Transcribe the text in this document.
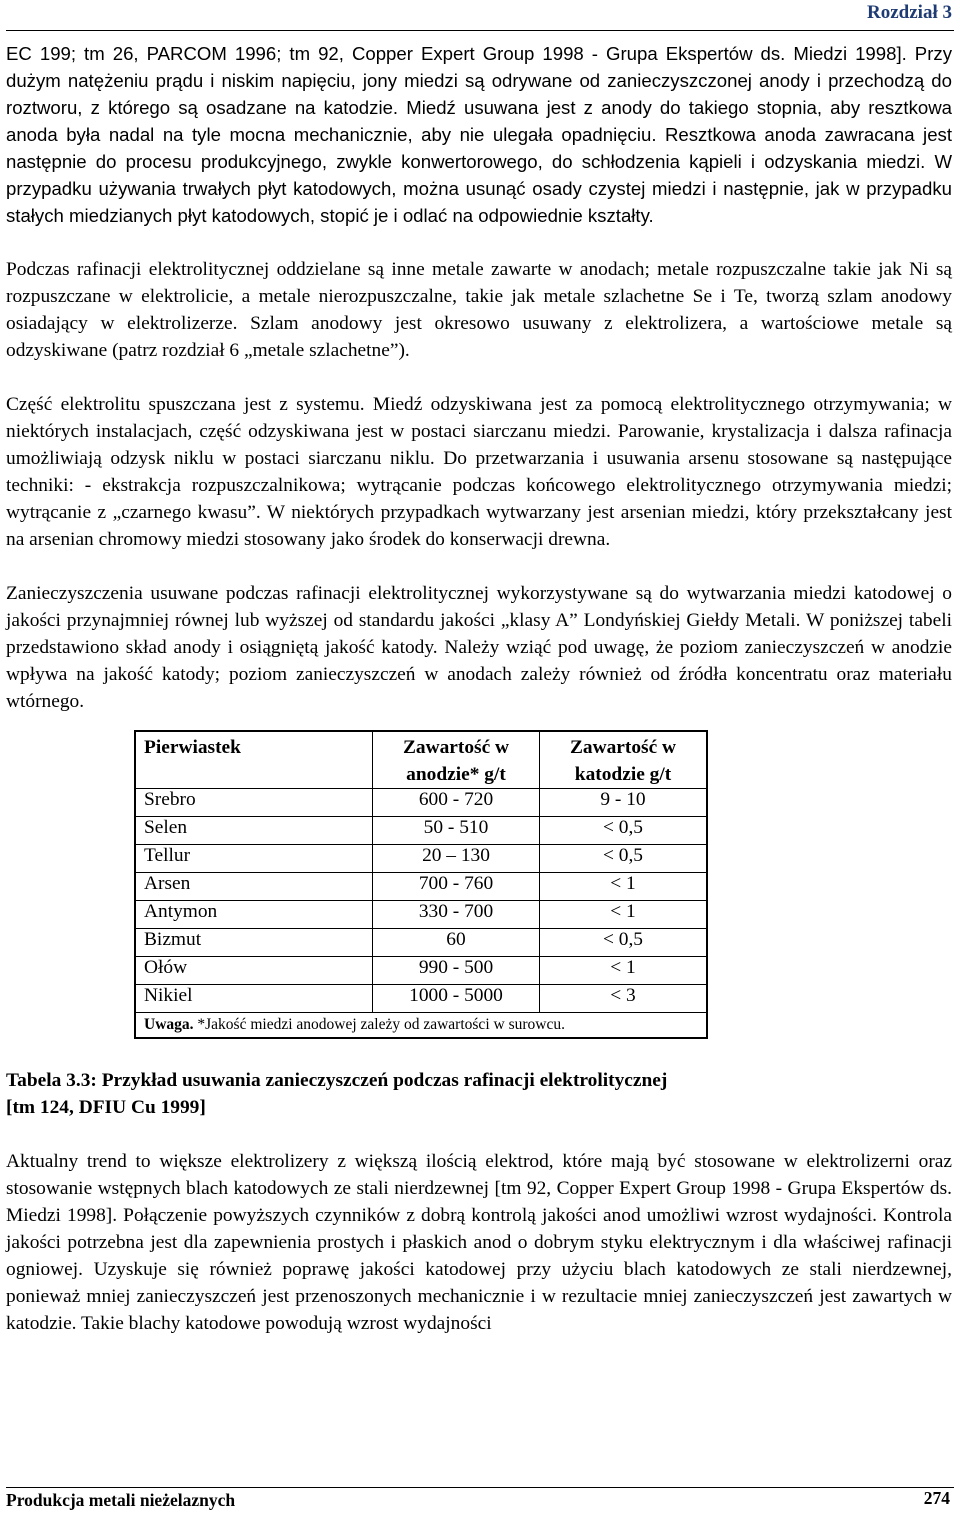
Rozdział 3

EC 199; tm 26, PARCOM 1996; tm 92, Copper Expert Group 1998 - Grupa Ekspertów ds. Miedzi 1998]. Przy dużym natężeniu prądu i niskim napięciu, jony miedzi są odrywane od zanieczyszczonej anody i przechodzą do roztworu, z którego są osadzane na katodzie. Miedź usuwana jest z anody do takiego stopnia, aby resztkowa anoda była nadal na tyle mocna mechanicznie, aby nie ulegała opadnięciu. Resztkowa anoda zawracana jest następnie do procesu produkcyjnego, zwykle konwertorowego, do schłodzenia kąpieli i odzyskania miedzi. W przypadku używania trwałych płyt katodowych, można usunąć osady czystej miedzi i następnie, jak w przypadku stałych miedzianych płyt katodowych, stopić je i odlać na odpowiednie kształty.

Podczas rafinacji elektrolitycznej oddzielane są inne metale zawarte w anodach; metale rozpuszczalne takie jak Ni są rozpuszczane w elektrolicie, a metale nierozpuszczalne, takie jak metale szlachetne Se i Te, tworzą szlam anodowy osiadający w elektrolizerze. Szlam anodowy jest okresowo usuwany z elektrolizera, a wartościowe metale są odzyskiwane (patrz rozdział 6 „metale szlachetne”).

Część elektrolitu spuszczana jest z systemu. Miedź odzyskiwana jest za pomocą elektrolitycznego otrzymywania; w niektórych instalacjach, część odzyskiwana jest w postaci siarczanu miedzi. Parowanie, krystalizacja i dalsza rafinacja umożliwiają odzysk niklu w postaci siarczanu niklu. Do przetwarzania i usuwania arsenu stosowane są następujące techniki: - ekstrakcja rozpuszczalnikowa; wytrącanie podczas końcowego elektrolitycznego otrzymywania miedzi; wytrącanie z „czarnego kwasu”. W niektórych przypadkach wytwarzany jest arsenian miedzi, który przekształcany jest na arsenian chromowy miedzi stosowany jako środek do konserwacji drewna.

Zanieczyszczenia usuwane podczas rafinacji elektrolitycznej wykorzystywane są do wytwarzania miedzi katodowej o jakości przynajmniej równej lub wyższej od standardu jakości „klasy A” Londyńskiej Giełdy Metali. W poniższej tabeli przedstawiono skład anody i osiągniętą jakość katody. Należy wziąć pod uwagę, że poziom zanieczyszczeń w anodzie wpływa na jakość katody; poziom zanieczyszczeń w anodach zależy również od źródła koncentratu oraz materiału wtórnego.

Pierwiastek	Zawartość w anodzie* g/t	Zawartość w katodzie g/t
Srebro	600 - 720	9 - 10
Selen	50 - 510	< 0,5
Tellur	20 – 130	< 0,5
Arsen	700 - 760	< 1
Antymon	330 - 700	< 1
Bizmut	60	< 0,5
Ołów	990 - 500	< 1
Nikiel	1000 - 5000	< 3
Uwaga. *Jakość miedzi anodowej zależy od zawartości w surowcu.		
Tabela 3.3: Przykład usuwania zanieczyszczeń podczas rafinacji elektrolitycznej
[tm 124, DFIU Cu 1999]

Aktualny trend to większe elektrolizery z większą ilością elektrod, które mają być stosowane w elektrolizerni oraz stosowanie wstępnych blach katodowych ze stali nierdzewnej [tm 92, Copper Expert Group 1998 - Grupa Ekspertów ds. Miedzi 1998]. Połączenie powyższych czynników z dobrą kontrolą jakości anod umożliwi wzrost wydajności. Kontrola jakości potrzebna jest dla zapewnienia prostych i płaskich anod o dobrym styku elektrycznym i dla właściwej rafinacji ogniowej. Uzyskuje się również poprawę jakości katodowej przy użyciu blach katodowych ze stali nierdzewnej, ponieważ mniej zanieczyszczeń jest przenoszonych mechanicznie i w rezultacie mniej zanieczyszczeń jest zawartych w katodzie. Takie blachy katodowe powodują wzrost wydajności

Produkcja metali nieżelaznych	274
